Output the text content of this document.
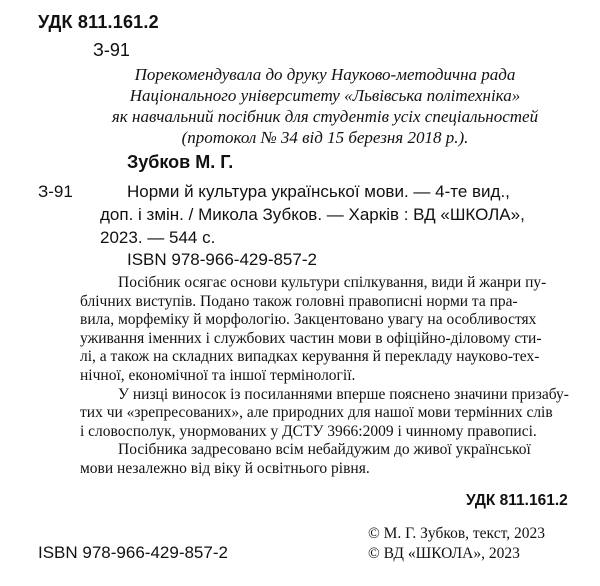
УДК 811.161.2
З-91
Порекомендувала до друку Науково-методична рада
Національного університету «Львівська політехніка»
як навчальний посібник для студентів усіх спеціальностей
(протокол № 34 від 15 березня 2018 р.).
Зубков М. Г.
З-91	Норми й культура української мови. — 4-те вид.,
доп. і змін. / Микола Зубков. — Харків : ВД «ШКОЛА»,
2023. — 544 с.
ISBN 978-966-429-857-2
Посібник осягає основи культури спілкування, види й жанри пу-
блічних виступів. Подано також головні правописні норми та пра-
вила, морфеміку й морфологію. Закцентовано увагу на особливостях
уживання іменних і службових частин мови в офіційно-діловому сти-
лі, а також на складних випадках керування й перекладу науково-тех-
нічної, економічної та іншої термінології.
У низці виносок із посиланнями вперше пояснено значини призабу-
тих чи «зрепресованих», але природних для нашої мови термінних слів
і словосполук, унормованих у ДСТУ 3966:2009 і чинному правописі.
Посібника задресовано всім небайдужим до живої української
мови незалежно від віку й освітнього рівня.
УДК 811.161.2
© М. Г. Зубков, текст, 2023
© ВД «ШКОЛА», 2023
ISBN 978-966-429-857-2
